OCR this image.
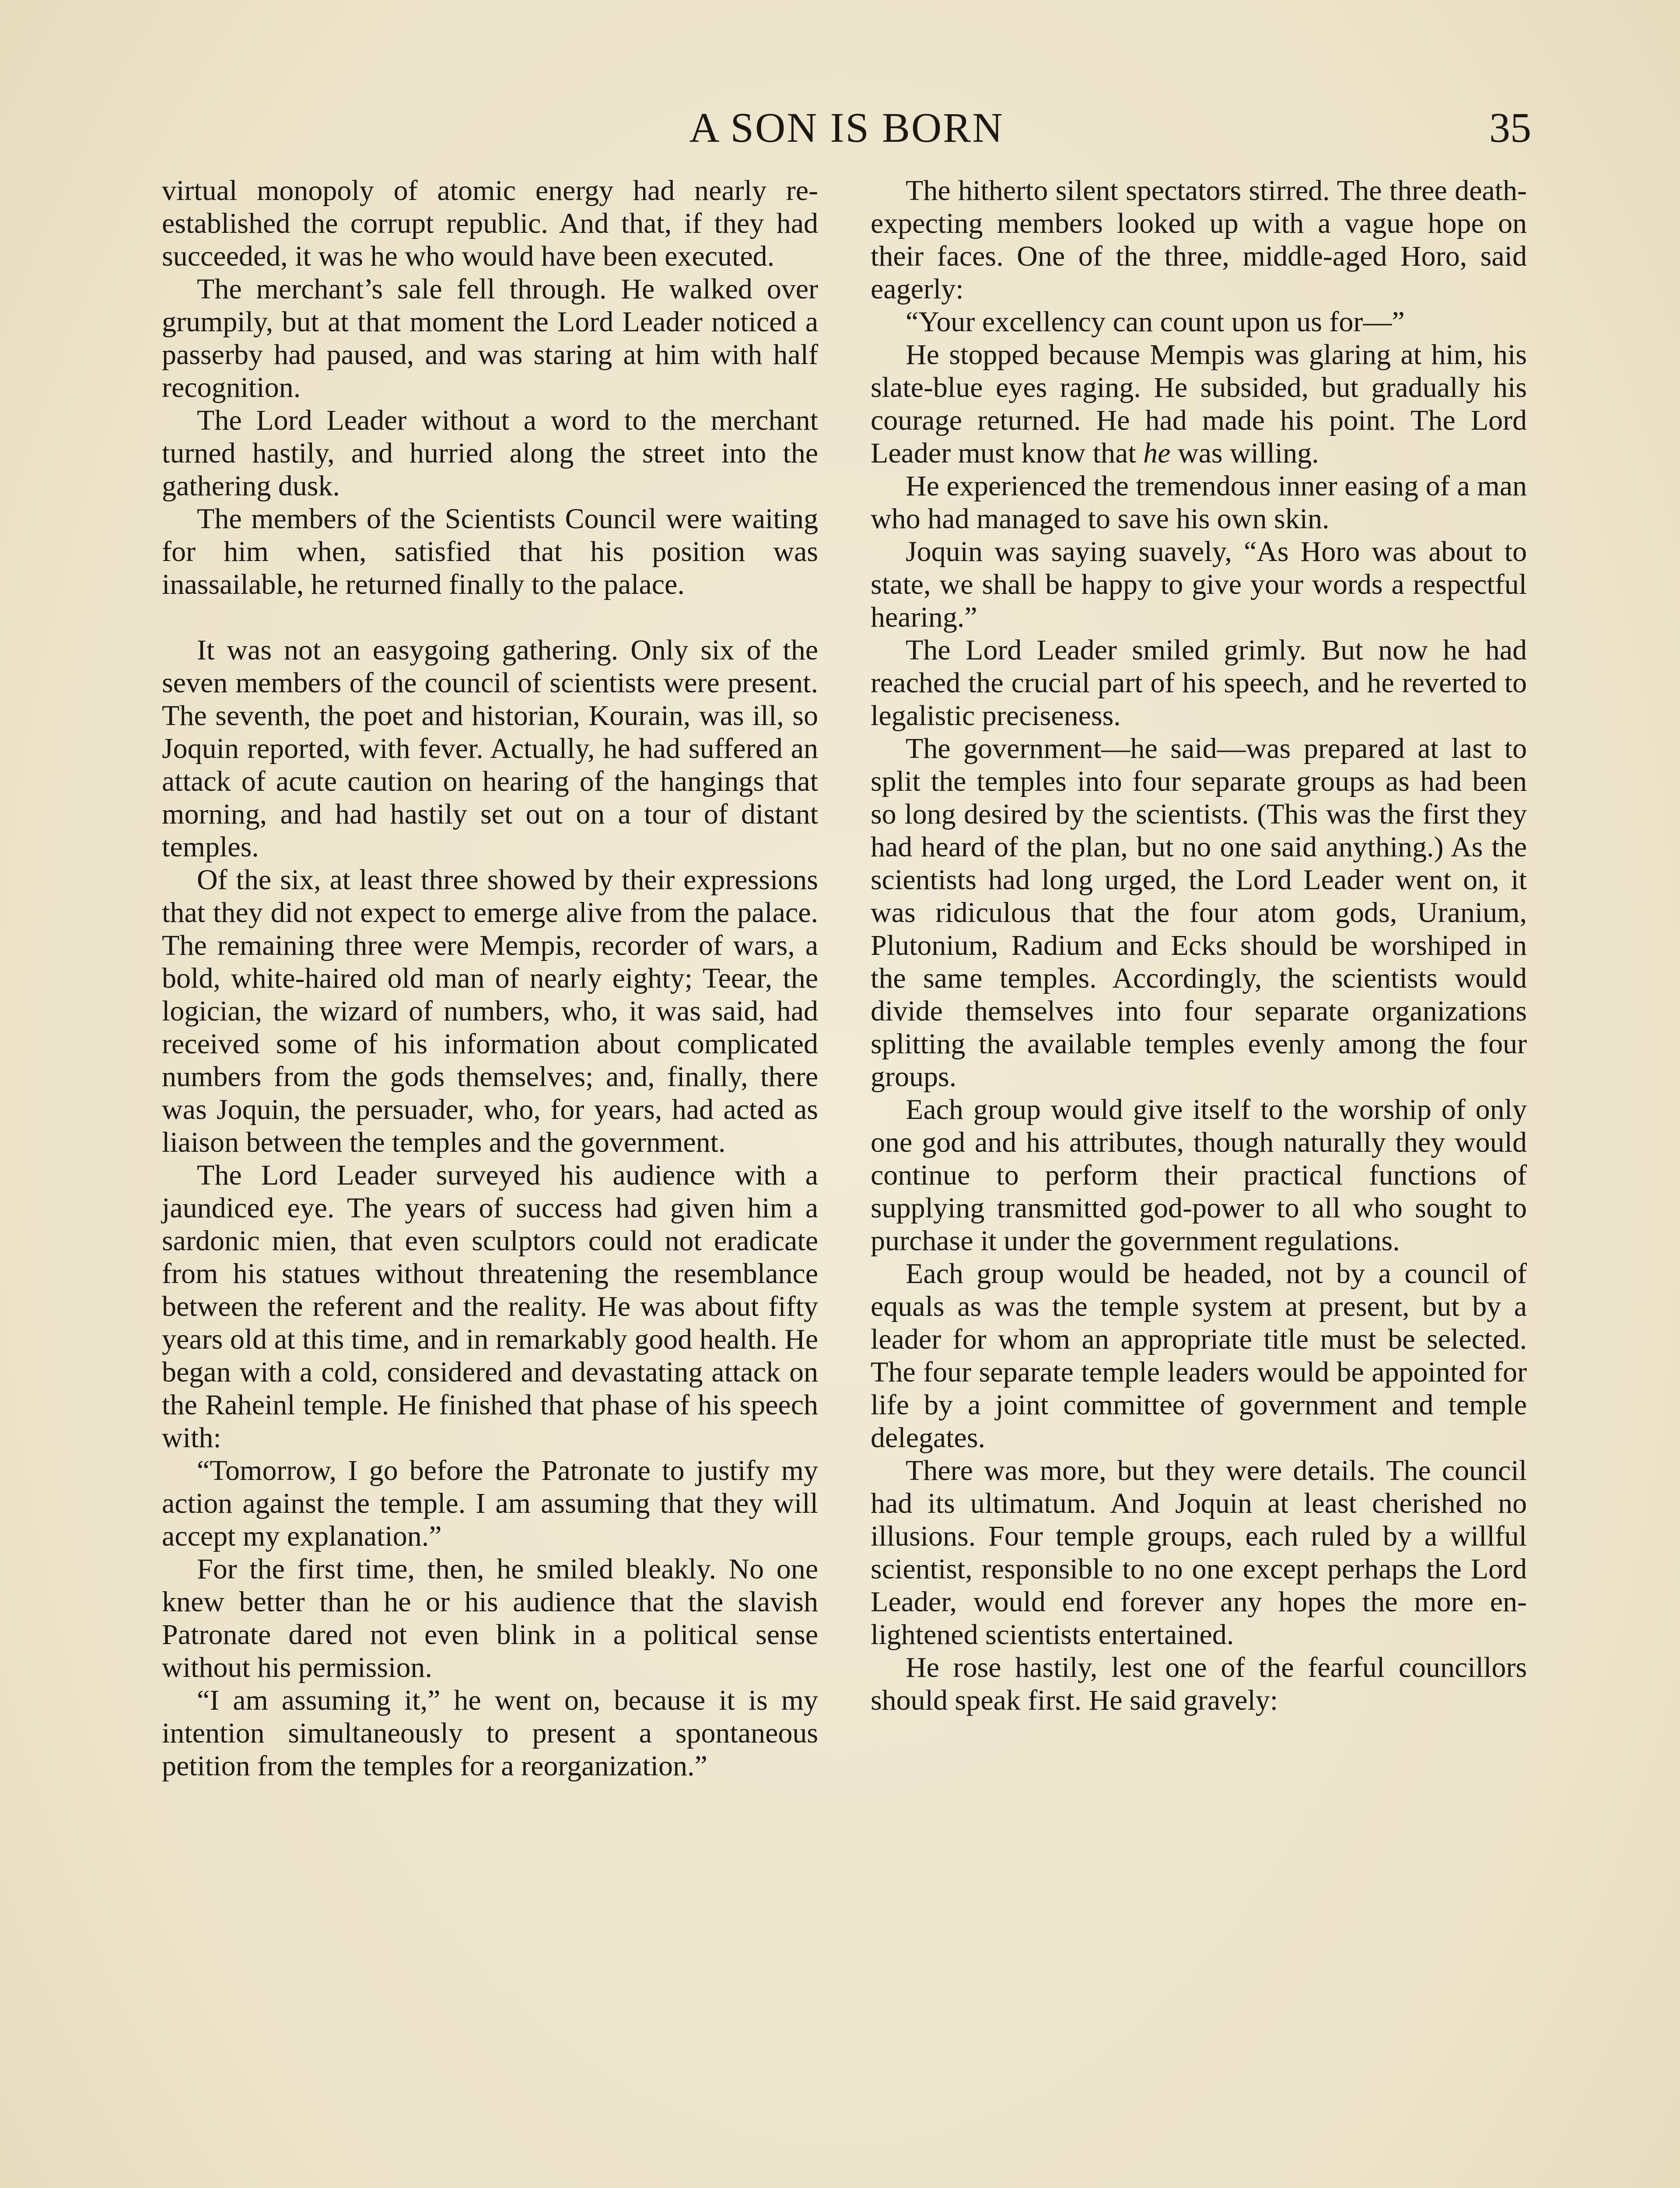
A SON IS BORN	35

virtual monopoly of atomic energy had nearly re-established the corrupt republic. And that, if they had succeeded, it was he who would have been executed.

The merchant’s sale fell through. He walked over grumpily, but at that moment the Lord Leader noticed a passerby had paused, and was staring at him with half recognition.

The Lord Leader without a word to the merchant turned hastily, and hurried along the street into the gathering dusk.

The members of the Scientists Council were waiting for him when, satisfied that his position was inassailable, he returned finally to the palace.

It was not an easygoing gathering. Only six of the seven members of the council of scientists were present. The seventh, the poet and historian, Kourain, was ill, so Joquin reported, with fever. Actually, he had suffered an attack of acute caution on hearing of the hangings that morning, and had hastily set out on a tour of distant temples.

Of the six, at least three showed by their expressions that they did not expect to emerge alive from the palace. The remaining three were Mempis, recorder of wars, a bold, white-haired old man of nearly eighty; Teear, the logician, the wizard of numbers, who, it was said, had received some of his information about complicated numbers from the gods themselves; and, finally, there was Joquin, the persuader, who, for years, had acted as liaison between the temples and the government.

The Lord Leader surveyed his audience with a jaundiced eye. The years of success had given him a sardonic mien, that even sculptors could not eradicate from his statues without threatening the resemblance between the referent and the reality. He was about fifty years old at this time, and in remarkably good health. He began with a cold, considered and devastating attack on the Raheinl temple. He finished that phase of his speech with:

“Tomorrow, I go before the Patronate to justify my action against the temple. I am assuming that they will accept my explanation.”

For the first time, then, he smiled bleakly. No one knew better than he or his audience that the slavish Patronate dared not even blink in a political sense without his permission.

“I am assuming it,” he went on, because it is my intention simultaneously to present a spontaneous petition from the temples for a reorganization.”

The hitherto silent spectators stirred. The three death-expecting members looked up with a vague hope on their faces. One of the three, middle-aged Horo, said eagerly:

“Your excellency can count upon us for—”

He stopped because Mempis was glaring at him, his slate-blue eyes raging. He subsided, but gradually his courage returned. He had made his point. The Lord Leader must know that he was willing.

He experienced the tremendous inner easing of a man who had managed to save his own skin.

Joquin was saying suavely, “As Horo was about to state, we shall be happy to give your words a respectful hearing.”

The Lord Leader smiled grimly. But now he had reached the crucial part of his speech, and he reverted to legalistic preciseness.

The government—he said—was prepared at last to split the temples into four separate groups as had been so long desired by the scientists. (This was the first they had heard of the plan, but no one said anything.) As the scientists had long urged, the Lord Leader went on, it was ridiculous that the four atom gods, Uranium, Plutonium, Radium and Ecks should be worshiped in the same temples. Accordingly, the scientists would divide themselves into four separate organizations splitting the available temples evenly among the four groups.

Each group would give itself to the worship of only one god and his attributes, though naturally they would continue to perform their practical functions of supplying transmitted god-power to all who sought to purchase it under the government regulations.

Each group would be headed, not by a council of equals as was the temple system at present, but by a leader for whom an appropriate title must be selected. The four separate temple leaders would be appointed for life by a joint committee of government and temple delegates.

There was more, but they were details. The council had its ultimatum. And Joquin at least cherished no illusions. Four temple groups, each ruled by a willful scientist, responsible to no one except perhaps the Lord Leader, would end forever any hopes the more enlightened scientists entertained.

He rose hastily, lest one of the fearful councillors should speak first. He said gravely:
